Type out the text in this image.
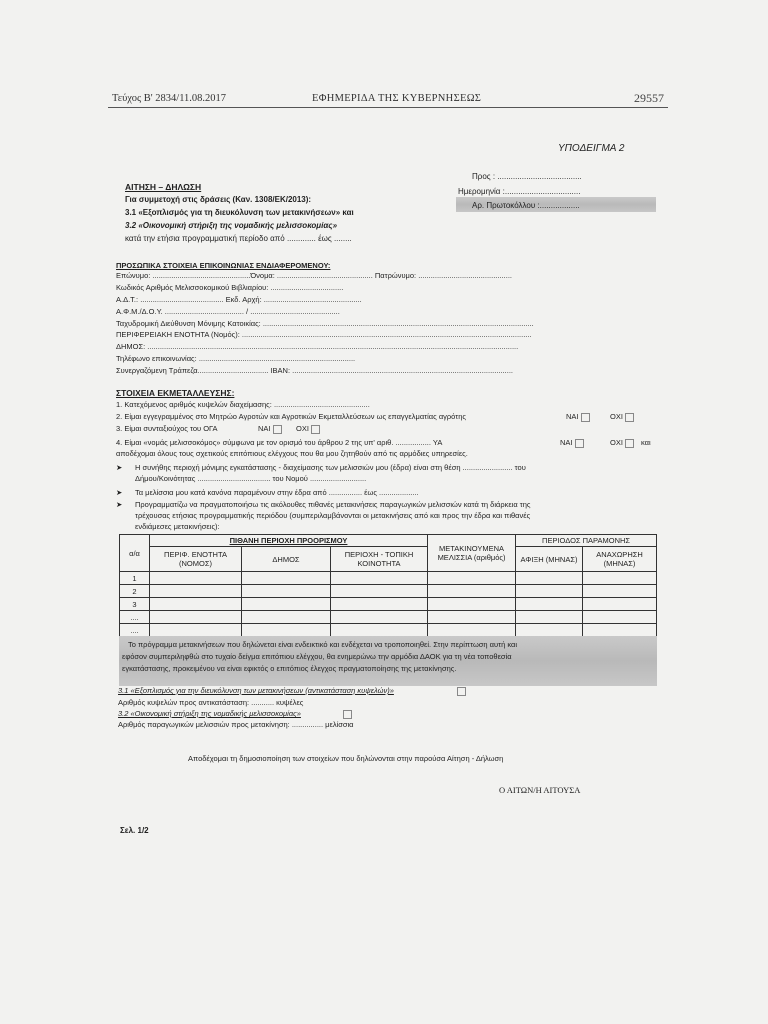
Τεύχος Β' 2834/11.08.2017	ΕΦΗΜΕΡΙΔΑ ΤΗΣ ΚΥΒΕΡΝΗΣΕΩΣ	29557
ΥΠΟΔΕΙΓΜΑ 2
Προς : ......................................
Ημερομηνία :..................................
Αρ. Πρωτοκόλλου :..................
ΑΙΤΗΣΗ – ΔΗΛΩΣΗ
Για συμμετοχή στις δράσεις (Καν. 1308/ΕΚ/2013):
3.1 «Εξοπλισμός για τη διευκόλυνση των μετακινήσεων» και
3.2 «Οικονομική στήριξη της νομαδικής μελισσοκομίας»
κατά την ετήσια προγραμματική περίοδο από ............. έως ........
ΠΡΟΣΩΠΙΚΑ ΣΤΟΙΧΕΙΑ ΕΠΙΚΟΙΝΩΝΙΑΣ ΕΝΔΙΑΦΕΡΟΜΕΝΟΥ:
Επώνυμο: ...............................................Όνομα: .............................................. Πατρώνυμο: .............................................
Κωδικός Αριθμός Μελισσοκομικού Βιβλιαρίου: ...................................
Α.Δ.Τ.: ........................................ Εκδ. Αρχή: ...............................................
Α.Φ.Μ./Δ.Ο.Υ. ...................................... / ...........................................
Ταχυδρομική Διεύθυνση Μόνιμης Κατοικίας: ..................................................................................................................................
ΠΕΡΙΦΕΡΕΙΑΚΗ ΕΝΟΤΗΤΑ (Νομός): ...........................................................................................................................................
ΔΗΜΟΣ: ..................................................................................................................................................................................
Τηλέφωνο επικοινωνίας: ...........................................................................
Συνεργαζόμενη Τράπεζα.................................. IBAN: ..........................................................................................................
ΣΤΟΙΧΕΙΑ ΕΚΜΕΤΑΛΛΕΥΣΗΣ:
1. Κατεχόμενος αριθμός κυψελών διαχείμασης: ..............................................
2. Είμαι εγγεγραμμένος στο Μητρώο Αγροτών και Αγροτικών Εκμεταλλεύσεων ως επαγγελματίας αγρότης	ΝΑΙ	ΟΧΙ
3. Είμαι συνταξιούχος του ΟΓΑ	ΝΑΙ	ΟΧΙ
4. Είμαι «νομάς μελισσοκόμος» σύμφωνα με τον ορισμό του άρθρου 2 της υπ' αριθ. ................. ΥΑ	ΝΑΙ	ΟΧΙ	και
αποδέχομαι όλους τους σχετικούς επιτόπιους ελέγχους που θα μου ζητηθούν από τις αρμόδιες υπηρεσίες.
➤ Η συνήθης περιοχή μόνιμης εγκατάστασης - διαχείμασης των μελισσιών μου (έδρα) είναι στη θέση ........................ του
Δήμου/Κοινότητας ................................... του Νομού ...........................
➤ Τα μελίσσια μου κατά κανόνα παραμένουν στην έδρα από ................ έως ...................
➤ Προγραμματίζω να πραγματοποιήσω τις ακόλουθες πιθανές μετακινήσεις παραγωγικών μελισσιών κατά τη διάρκεια της
τρέχουσας ετήσιας προγραμματικής περιόδου (συμπεριλαμβάνονται οι μετακινήσεις από και προς την έδρα και πιθανές
ενδιάμεσες μετακινήσεις):
α/α	ΠΙΘΑΝΗ ΠΕΡΙΟΧΗ ΠΡΟΟΡΙΣΜΟΥ			ΜΕΤΑΚΙΝΟΥΜΕΝΑ ΜΕΛΙΣΣΙΑ (αριθμός)	ΠΕΡΙΟΔΟΣ ΠΑΡΑΜΟΝΗΣ	
	ΠΕΡΙΦ. ΕΝΟΤΗΤΑ (ΝΟΜΟΣ)	ΔΗΜΟΣ	ΠΕΡΙΟΧΗ - ΤΟΠΙΚΗ ΚΟΙΝΟΤΗΤΑ		ΑΦΙΞΗ (ΜΗΝΑΣ)	ΑΝΑΧΩΡΗΣΗ (ΜΗΝΑΣ)
1						
2						
3						
....						
....						
Το πρόγραμμα μετακινήσεων που δηλώνεται είναι ενδεικτικό και ενδέχεται να τροποποιηθεί. Στην περίπτωση αυτή και
εφόσον συμπεριληφθώ στο τυχαίο δείγμα επιτόπιου ελέγχου, θα ενημερώνω την αρμόδια ΔΑΟΚ για τη νέα τοποθεσία
εγκατάστασης, προκειμένου να είναι εφικτός ο επιτόπιος έλεγχος πραγματοποίησης της μετακίνησης.
3.1 «Εξοπλισμός για την διευκόλυνση των μετακινήσεων (αντικατάσταση κυψελών)»
Αριθμός κυψελών προς αντικατάσταση: ........... κυψέλες
3.2 «Οικονομική στήριξη της νομαδικής μελισσοκομίας»
Αριθμός παραγωγικών μελισσιών προς μετακίνηση: ............... μελίσσια
Αποδέχομαι τη δημοσιοποίηση των στοιχείων που δηλώνονται στην παρούσα Αίτηση - Δήλωση
Ο ΑΙΤΩΝ/Η ΑΙΤΟΥΣΑ
Σελ. 1/2
